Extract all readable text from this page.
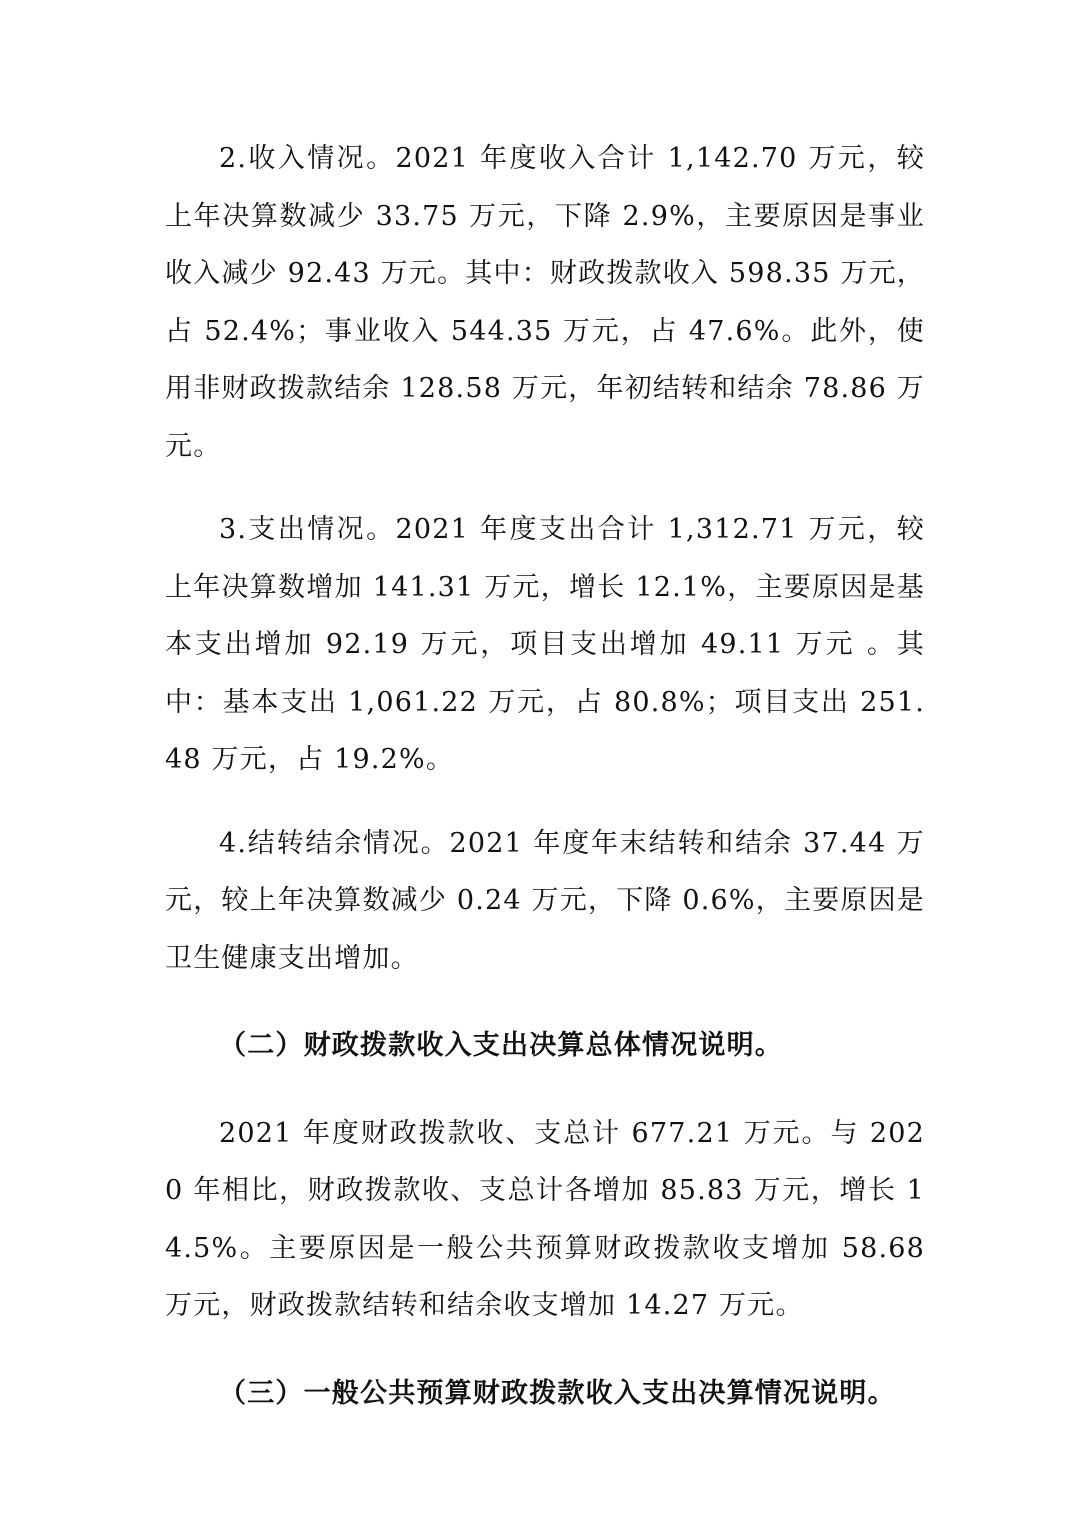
2.收入情况。2021 年度收入合计 1,142.70 万元，较上年决算数减少 33.75 万元，下降 2.9%，主要原因是事业收入减少 92.43 万元。其中：财政拨款收入 598.35 万元，占 52.4%；事业收入 544.35 万元，占 47.6%。此外，使用非财政拨款结余 128.58 万元，年初结转和结余 78.86 万元。

3.支出情况。2021 年度支出合计 1,312.71 万元，较上年决算数增加 141.31 万元，增长 12.1%，主要原因是基本支出增加 92.19 万元，项目支出增加 49.11 万元 。其中：基本支出 1,061.22 万元，占 80.8%；项目支出 251.48 万元，占 19.2%。

4.结转结余情况。2021 年度年末结转和结余 37.44 万元，较上年决算数减少 0.24 万元，下降 0.6%，主要原因是卫生健康支出增加。

（二）财政拨款收入支出决算总体情况说明。

2021 年度财政拨款收、支总计 677.21 万元。与 2020 年相比，财政拨款收、支总计各增加 85.83 万元，增长 14.5%。主要原因是一般公共预算财政拨款收支增加 58.68 万元，财政拨款结转和结余收支增加 14.27 万元。

（三）一般公共预算财政拨款收入支出决算情况说明。
